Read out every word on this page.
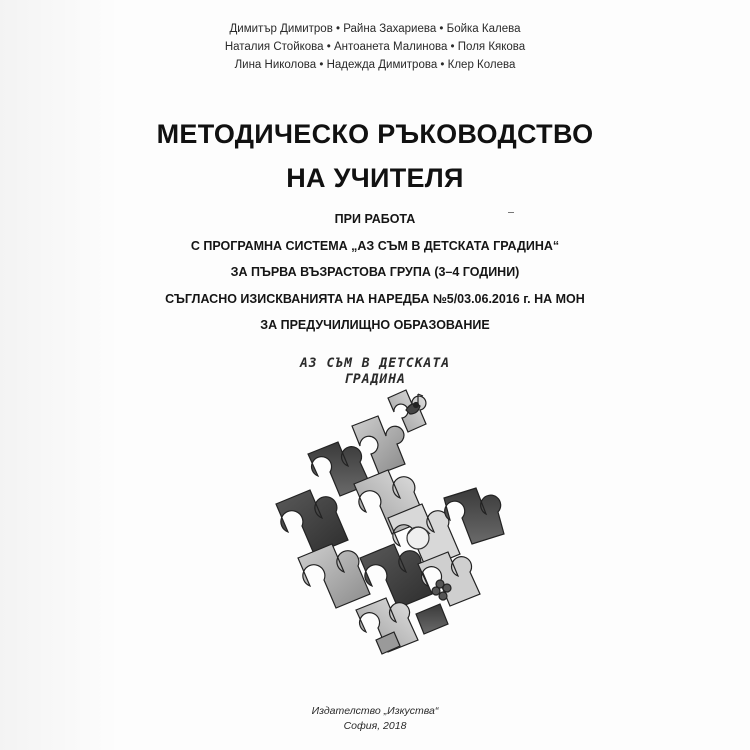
Димитър Димитров • Райна Захариева • Бойка Калева
Наталия Стойкова • Антоанета Малинова • Поля Кякова
Лина Николова • Надежда Димитрова • Клер Колева
МЕТОДИЧЕСКО РЪКОВОДСТВО
НА УЧИТЕЛЯ
ПРИ РАБОТА
С ПРОГРАМНА СИСТЕМА „АЗ СЪМ В ДЕТСКАТА ГРАДИНА“
ЗА ПЪРВА ВЪЗРАСТОВА ГРУПА (3–4 ГОДИНИ)
СЪГЛАСНО ИЗИСКВАНИЯТА НА НАРЕДБА №5/03.06.2016 г. НА МОН
ЗА ПРЕДУЧИЛИЩНО ОБРАЗОВАНИЕ
АЗ СЪМ В ДЕТСКАТА
ГРАДИНА
Издателство „Изкуства“
София, 2018
